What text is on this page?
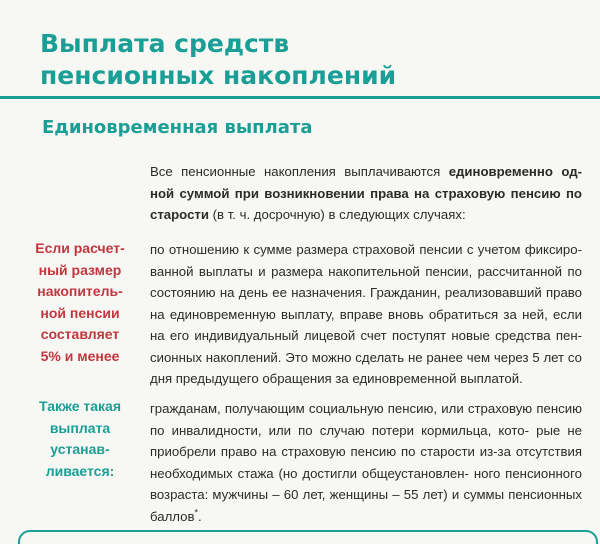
Выплата средств
пенсионных накоплений
Единовременная выплата
Все пенсионные накопления выплачиваются единовременно од- ной суммой при возникновении права на страховую пенсию по старости (в т. ч. досрочную) в следующих случаях:
Если расчет-
ный размер
накопитель-
ной пенсии
составляет
5% и менее
по отношению к сумме размера страховой пенсии с учетом фиксиро- ванной выплаты и размера накопительной пенсии, рассчитанной по состоянию на день ее назначения. Гражданин, реализовавший право на единовременную выплату, вправе вновь обратиться за ней, если на его индивидуальный лицевой счет поступят новые средства пен- сионных накоплений. Это можно сделать не ранее чем через 5 лет со дня предыдущего обращения за единовременной выплатой.
Также такая
выплата
устанав-
ливается:
гражданам, получающим социальную пенсию, или страховую пенсию по инвалидности, или по случаю потери кормильца, кото- рые не приобрели право на страховую пенсию по старости из-за отсутствия необходимых стажа (но достигли общеустановлен- ного пенсионного возраста: мужчины – 60 лет, женщины – 55 лет) и суммы пенсионных баллов*.
